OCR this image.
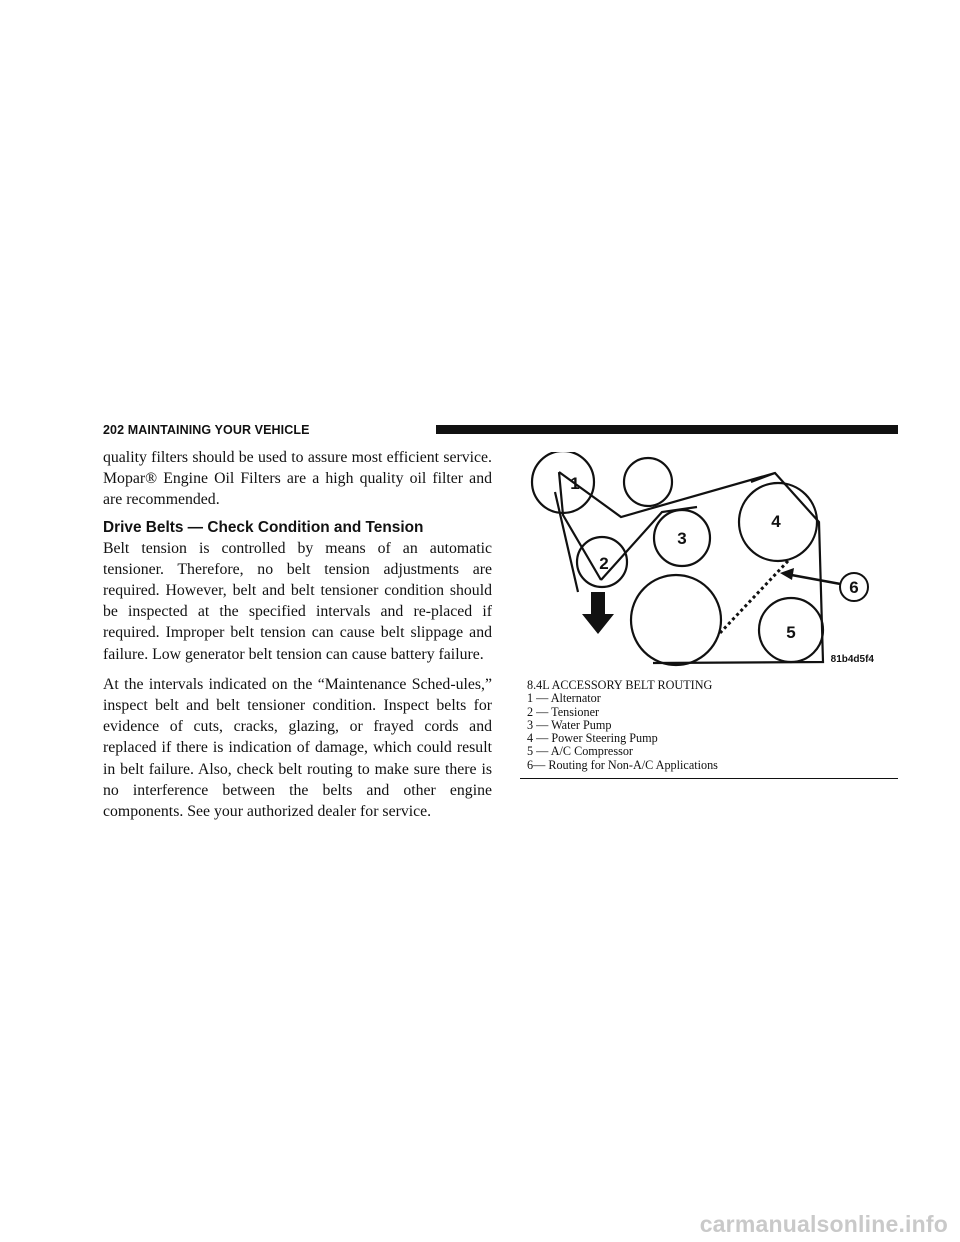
202 MAINTAINING YOUR VEHICLE

quality filters should be used to assure most efficient service. Mopar® Engine Oil Filters are a high quality oil filter and are recommended.

Drive Belts — Check Condition and Tension

Belt tension is controlled by means of an automatic tensioner. Therefore, no belt tension adjustments are required. However, belt and belt tensioner condition should be inspected at the specified intervals and re-placed if required. Improper belt tension can cause belt slippage and failure. Low generator belt tension can cause battery failure.

At the intervals indicated on the “Maintenance Sched-ules,” inspect belt and belt tensioner condition. Inspect belts for evidence of cuts, cracks, glazing, or frayed cords and replaced if there is indication of damage, which could result in belt failure. Also, check belt routing to make sure there is no interference between the belts and other engine components. See your authorized dealer for service.

1
2
3
4
5
6
81b4d5f4
8.4L ACCESSORY BELT ROUTING
1 — Alternator
2 — Tensioner
3 — Water Pump
4 — Power Steering Pump
5 — A/C Compressor
6— Routing for Non-A/C Applications
carmanualsonline.info
